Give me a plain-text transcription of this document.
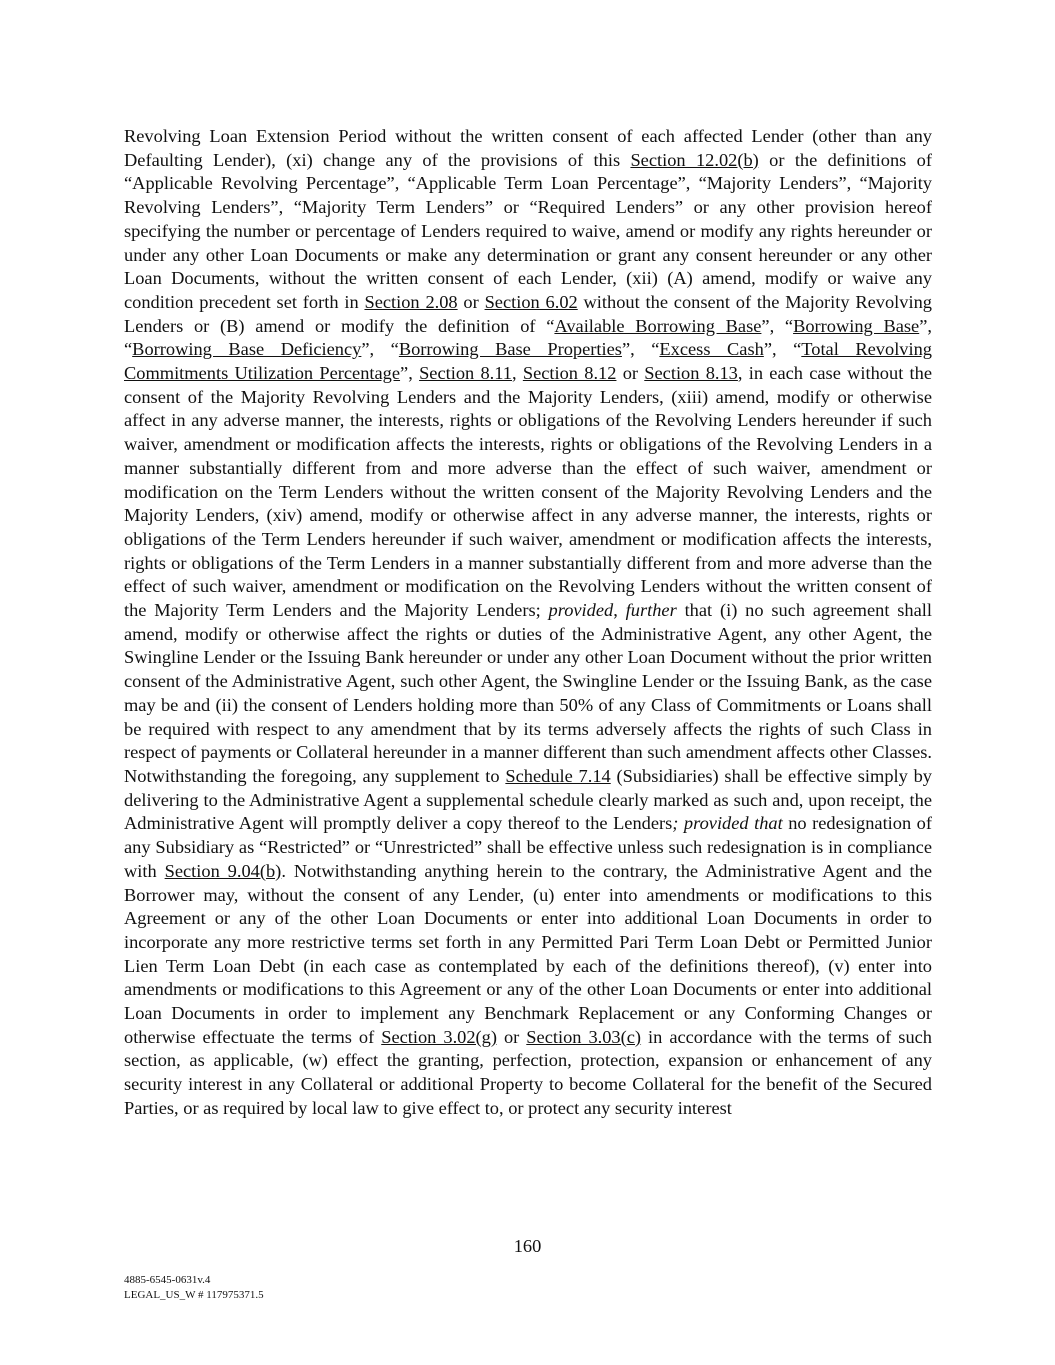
Revolving Loan Extension Period without the written consent of each affected Lender (other than any Defaulting Lender), (xi) change any of the provisions of this Section 12.02(b) or the definitions of “Applicable Revolving Percentage”, “Applicable Term Loan Percentage”, “Majority Lenders”, “Majority Revolving Lenders”, “Majority Term Lenders” or “Required Lenders” or any other provision hereof specifying the number or percentage of Lenders required to waive, amend or modify any rights hereunder or under any other Loan Documents or make any determination or grant any consent hereunder or any other Loan Documents, without the written consent of each Lender, (xii) (A) amend, modify or waive any condition precedent set forth in Section 2.08 or Section 6.02 without the consent of the Majority Revolving Lenders or (B) amend or modify the definition of “Available Borrowing Base”, “Borrowing Base”, “Borrowing Base Deficiency”, “Borrowing Base Properties”, “Excess Cash”, “Total Revolving Commitments Utilization Percentage”, Section 8.11, Section 8.12 or Section 8.13, in each case without the consent of the Majority Revolving Lenders and the Majority Lenders, (xiii) amend, modify or otherwise affect in any adverse manner, the interests, rights or obligations of the Revolving Lenders hereunder if such waiver, amendment or modification affects the interests, rights or obligations of the Revolving Lenders in a manner substantially different from and more adverse than the effect of such waiver, amendment or modification on the Term Lenders without the written consent of the Majority Revolving Lenders and the Majority Lenders, (xiv) amend, modify or otherwise affect in any adverse manner, the interests, rights or obligations of the Term Lenders hereunder if such waiver, amendment or modification affects the interests, rights or obligations of the Term Lenders in a manner substantially different from and more adverse than the effect of such waiver, amendment or modification on the Revolving Lenders without the written consent of the Majority Term Lenders and the Majority Lenders; provided, further that (i) no such agreement shall amend, modify or otherwise affect the rights or duties of the Administrative Agent, any other Agent, the Swingline Lender or the Issuing Bank hereunder or under any other Loan Document without the prior written consent of the Administrative Agent, such other Agent, the Swingline Lender or the Issuing Bank, as the case may be and (ii) the consent of Lenders holding more than 50% of any Class of Commitments or Loans shall be required with respect to any amendment that by its terms adversely affects the rights of such Class in respect of payments or Collateral hereunder in a manner different than such amendment affects other Classes. Notwithstanding the foregoing, any supplement to Schedule 7.14 (Subsidiaries) shall be effective simply by delivering to the Administrative Agent a supplemental schedule clearly marked as such and, upon receipt, the Administrative Agent will promptly deliver a copy thereof to the Lenders; provided that no redesignation of any Subsidiary as “Restricted” or “Unrestricted” shall be effective unless such redesignation is in compliance with Section 9.04(b). Notwithstanding anything herein to the contrary, the Administrative Agent and the Borrower may, without the consent of any Lender, (u) enter into amendments or modifications to this Agreement or any of the other Loan Documents or enter into additional Loan Documents in order to incorporate any more restrictive terms set forth in any Permitted Pari Term Loan Debt or Permitted Junior Lien Term Loan Debt (in each case as contemplated by each of the definitions thereof), (v) enter into amendments or modifications to this Agreement or any of the other Loan Documents or enter into additional Loan Documents in order to implement any Benchmark Replacement or any Conforming Changes or otherwise effectuate the terms of Section 3.02(g) or Section 3.03(c) in accordance with the terms of such section, as applicable, (w) effect the granting, perfection, protection, expansion or enhancement of any security interest in any Collateral or additional Property to become Collateral for the benefit of the Secured Parties, or as required by local law to give effect to, or protect any security interest

160
4885-6545-0631v.4
LEGAL_US_W # 117975371.5
